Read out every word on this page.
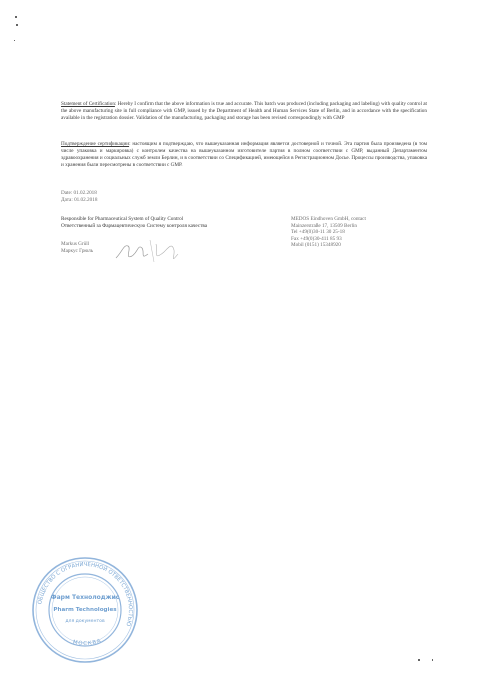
Statement of Certification: Hereby I confirm that the above information is true and accurate. This batch was produced (including packaging and labeling) with quality control at the above manufacturing site in full compliance with GMP, issued by the Department of Health and Human Services State of Berlin, and in accordance with the specification available in the registration dossier. Validation of the manufacturing, packaging and storage has been revised correspondingly with GMP
Подтверждение сертификации: настоящим я подтверждаю, что вышеуказанная информация является достоверной и точной. Эта партия была произведена (в том числе упаковка и маркировка) с контролем качества на вышеуказанном изготовителе партия в полном соответствии с GMP, выданный Департаментом здравоохранения и социальных служб земли Берлин, и в соответствии со Спецификацией, имеющейся в Регистрационном Досье. Процессы производства, упаковка и хранения были пересмотрены в соответствии с GMP.
Date: 01.02.2018
Дата: 01.02.2018
Responsible for Pharmaceutical System of Quality Control
Ответственный за Фармацевтическую Систему контроля качества
Markus Grüll
Маркус Грюль
MEDOS Eindhoven GmbH, contact
Mainzerstraße 17, 13509 Berlin
Tel +49(0)30-11 30 25-18
Fax +49(0)30-411 85 93
Mobil (0151) 15348920
ОБЩЕСТВО С ОГРАНИЧЕННОЙ ОТВЕТСТВЕННОСТЬЮ
МОСКВА
Фарм Технолоджис
Pharm Technologies
для документов
